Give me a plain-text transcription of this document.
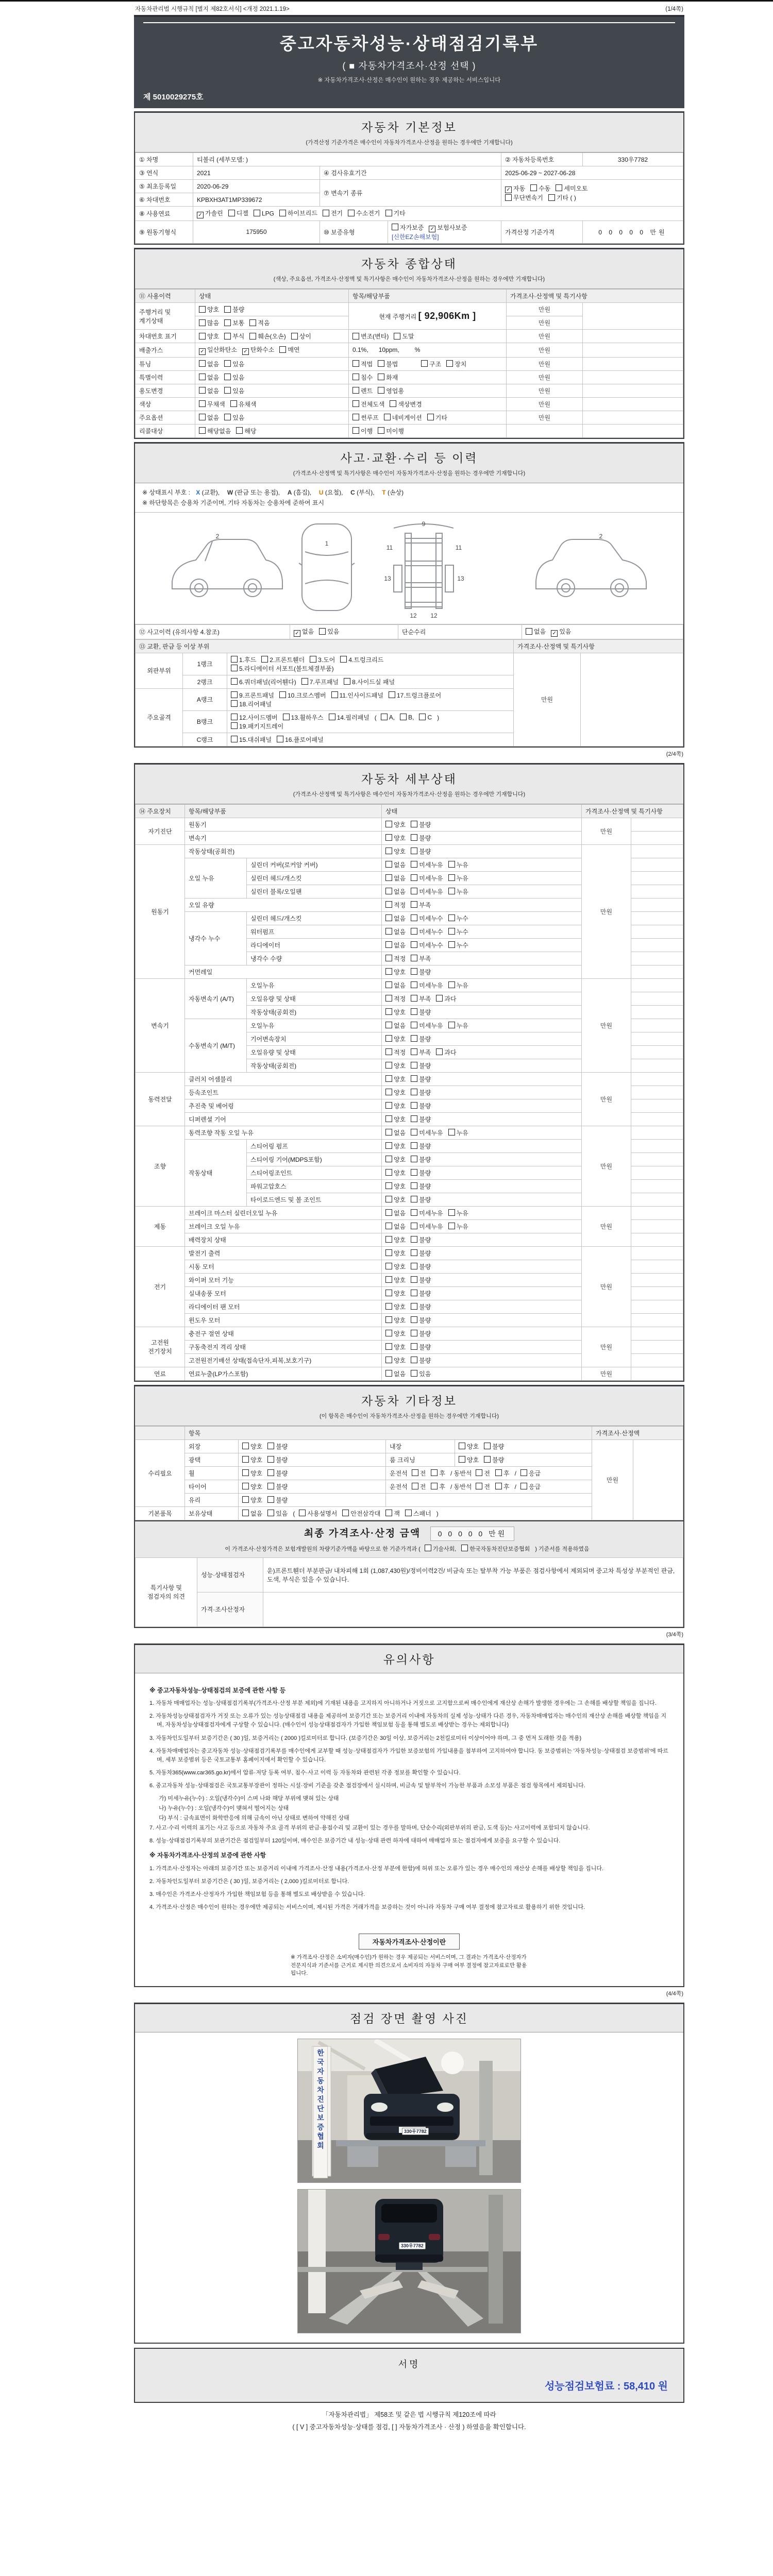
자동차관리법 시행규칙 [별지 제82호서식] <개정 2021.1.19>	(1/4쪽)
중고자동차성능·상태점검기록부
( ■ 자동차가격조사·산정 선택 )
※ 자동차가격조사·산정은 매수인이 원하는 경우 제공하는 서비스입니다
제 5010029275호
자동차 기본정보
(가격산정 기준가격은 매수인이 자동차가격조사·산정을 원하는 경우에만 기재합니다)
① 차명	티볼리 (세부모델: )			② 자동차등록번호	330우7782
③ 연식	2021	④ 검사유효기간		2025-06-29 ~ 2027-06-28	
⑤ 최초등록일	2020-06-29	⑦ 변속기 종류	✓자동 수동 세미오토
무단변속기 기타 ( )
⑥ 차대번호	KPBXH3AT1MP339672				
⑧ 사용연료	✓가솔린 디젤 LPG 하이브리드 전기 수소전기 기타
⑨ 원동기형식	175950	⑩ 보증유형	자가보증 ✓ 보험사보증 [신한EZ손해보험]	가격산정 기준가격	0 0 0 0 0 만원
자동차 종합상태
(색상, 주요옵션, 가격조사·산정액 및 특기사항은 매수인이 자동차가격조사·산정을 원하는 경우에만 기재합니다)
⑪ 사용이력	상태	항목/해당부품	가격조사·산정액 및 특기사항	
주행거리 및 계기상태	양호 불량	현재 주행거리 [ 92,906Km ]	만원	
	많음 보통 적음		만원	
차대번호 표기	양호 부식 훼손(오손) 상이	변조(변타) 도말	만원	
배출가스	✓일산화탄소 ✓ 탄화수소 매연	0.1%,      10ppm,         %	만원	
튜닝	없음 있음	적법 불법 구조 장치	만원	
특별이력	없음 있음	침수 화재	만원	
용도변경	없음 있음	렌트 영업용	만원	
색상	무채색 유채색	전체도색 색상변경	만원	
주요옵션	없음 있음	썬루프 네비게이션 기타	만원	
리콜대상	해당없음 해당	이행 미이행		
사고·교환·수리 등 이력
(가격조사·산정액 및 특기사항은 매수인이 자동차가격조사·산정을 원하는 경우에만 기재합니다)
※ 상태표시 부호 : X (교환),  W (판금 또는 용접),  A (흠집),  U (요철),  C (부식),  T (손상)
※ 하단항목은 승용차 기준이며, 기타 자동차는 승용차에 준하여 표시
2
1
9
11	11
12 12
13	13
2
⑫ 사고이력 (유의사항 4.참조)	✓없음 있음	단순수리	없음 ✓ 있음
⑬ 교환, 판금 등 이상 부위			가격조사·산정액 및 특기사항	
외판부위	1랭크	1.후드 2.프론트휀더 3.도어 4.트렁크리드
5.라디에이터 서포트(볼트체결부품)	만원	
	2랭크	6.쿼더패널(리어휀다) 7.루프패널 8.사이드실 패널		
주요골격	A랭크	9.프론트패널 10.크로스멤버 11.인사이드패널 17.트렁크플로어
18.리어패널		
	B랭크	12.사이드멤버 13.휠하우스 14.필러패널 ( A, B, C )
19.패키지트레이		
	C랭크	15.대쉬패널 16.플로어패널		
(2/4쪽)
자동차 세부상태
(가격조사·산정액 및 특기사항은 매수인이 자동차가격조사·산정을 원하는 경우에만 기재합니다)
⑭ 주요장치	항목/해당부품		상태	가격조사·산정액 및 특기사항	
자기진단	원동기		양호 불량	만원	
	변속기		양호 불량		
원동기	작동상태(공회전)		양호 불량	만원	
	오일 누유	실린더 커버(로커암 커버)	없음 미세누유 누유		
		실린더 헤드/개스킷	없음 미세누유 누유		
		실린더 블록/오일팬	없음 미세누유 누유		
	오일 유량		적정 부족		
	냉각수 누수	실린더 헤드/개스킷	없음 미세누수 누수		
		워터펌프	없음 미세누수 누수		
		라디에이터	없음 미세누수 누수		
		냉각수 수량	적정 부족		
	커먼레일		양호 불량		
변속기	자동변속기 (A/T)	오일누유	없음 미세누유 누유	만원	
		오일유량 및 상태	적정 부족 과다		
		작동상태(공회전)	양호 불량		
	수동변속기 (M/T)	오일누유	없음 미세누유 누유		
		기어변속장치	양호 불량		
		오일유량 및 상태	적정 부족 과다		
		작동상태(공회전)	양호 불량		
동력전달	클러치 어셈블리		양호 불량	만원	
	등속조인트		양호 불량		
	추진축 및 베어링		양호 불량		
	디퍼렌셜 기어		양호 불량		
조향	동력조향 작동 오일 누유		없음 미세누유 누유	만원	
	작동상태	스티어링 펌프	양호 불량		
		스티어링 기어(MDPS포함)	양호 불량		
		스티어링조인트	양호 불량		
		파워고압호스	양호 불량		
		타이로드엔드 및 볼 조인트	양호 불량		
제동	브레이크 마스터 실린더오일 누유		없음 미세누유 누유	만원	
	브레이크 오일 누유		없음 미세누유 누유		
	배력장치 상태		양호 불량		
전기	발전기 출력		양호 불량	만원	
	시동 모터		양호 불량		
	와이퍼 모터 기능		양호 불량		
	실내송풍 모터		양호 불량		
	라디에이터 팬 모터		양호 불량		
	윈도우 모터		양호 불량		
고전원 전기장치	충전구 절연 상태		양호 불량	만원	
	구동축전지 격리 상태		양호 불량		
	고전원전기배선 상태(접속단자,피복,보호기구)		양호 불량		
연료	연료누출(LP가스포함)		없음 있음	만원	
자동차 기타정보
(이 항목은 매수인이 자동차가격조사·산정을 원하는 경우에만 기재합니다)
	항목				가격조사·산정액	
수리필요	외장	양호 불량	내장	양호 불량	만원	
	광택	양호 불량	룸 크리닝	양호 불량		
	휠	양호 불량	운전석 전 후 / 동반석 전 후 / 응급			
	타이어	양호 불량	운전석 전 후 / 동반석 전 후 / 응급			
	유리	양호 불량				
기본품목	보유상태	없음 있음 ( 사용설명서 안전삼각대 잭 스패너 )				
최종 가격조사·산정 금액 0 0 0 0 0 만원
이 가격조사·산정가격은 보험개발원의 차량기준가액을 바탕으로 한 기준가격과 ( 기술사회, 한국자동차진단보증협회 ) 기준서를 적용하였음
특기사항 및 점검자의 의견	성능·상태점검자	운)프론트휀더 부분판금/ 내차피해 1회 (1,087,430원)/정비이력2건/ 비금속 또는 탈부착 가능 부품은 점검사항에서 제외되며 중고차 특성상 부분적인 판금, 도색, 부식은 있을 수 있습니다.
	가격·조사산정자	
(3/4쪽)
유의사항
※ 중고자동차성능·상태점검의 보증에 관한 사항 등
1. 자동차 매매업자는 성능·상태점검기록부(가격조사·산정 부분 제외)에 기재된 내용을 고지하지 아니하거나 거짓으로 고지함으로써 매수인에게 재산상 손해가 발생한 경우에는 그 손해를 배상할 책임을 집니다.
2. 자동차성능상태점검자가 거짓 또는 오류가 있는 성능상태점검 내용을 제공하여 보증기간 또는 보증거리 이내에 자동차의 실제 성능·상태가 다른 경우, 자동차매매업자는 매수인의 재산상 손해를 배상할 책임을 지며, 자동차성능상태점검자에게 구상할 수 있습니다. (매수인이 성능상태점검자가 가입한 책임보험 등을 통해 별도로 배상받는 경우는 제외합니다)
3. 자동차인도일부터 보증기간은 ( 30 )일, 보증거리는 ( 2000 )킬로미터로 합니다. (보증기간은 30일 이상, 보증거리는 2천킬로미터 이상이어야 하며, 그 중 먼저 도래한 것을 적용)
4. 자동차매매업자는 중고자동차 성능·상태점검기록부를 매수인에게 교부할 때 성능·상태점검자가 가입한 보증보험의 가입내용을 첨부하여 고지하여야 합니다. 동 보증범위는 '자동차성능·상태점검 보증범위'에 따르며, 세부 보증범위 등은 국토교통부 홈페이지에서 확인할 수 있습니다.
5. 자동차365(www.car365.go.kr)에서 압류·저당 등록 여부, 침수·사고 이력 등 자동차와 관련된 각종 정보를 확인할 수 있습니다.
6. 중고자동차 성능·상태점검은 국토교통부장관이 정하는 시설·장비 기준을 갖춘 점검장에서 실시하며, 비금속 및 탈부착이 가능한 부품과 소모성 부품은 점검 항목에서 제외됩니다.
가) 미세누유(누수) : 오일(냉각수)이 스며 나와 해당 부위에 맺혀 있는 상태
나) 누유(누수) : 오일(냉각수)이 맺혀서 떨어지는 상태
다) 부식 : 금속표면이 화학반응에 의해 금속이 아닌 상태로 변하여 약해진 상태
7. 사고·수리 이력의 표기는 사고 등으로 자동차 주요 골격 부위의 판금·용접수리 및 교환이 있는 경우를 말하며, 단순수리(외판부위의 판금, 도색 등)는 사고이력에 포함되지 않습니다.
8. 성능·상태점검기록부의 보관기간은 점검일부터 120일이며, 매수인은 보증기간 내 성능·상태 관련 하자에 대하여 매매업자 또는 점검자에게 보증을 요구할 수 있습니다.
※ 자동차가격조사·산정의 보증에 관한 사항
1. 가격조사·산정자는 아래의 보증기간 또는 보증거리 이내에 가격조사·산정 내용(가격조사·산정 부분에 한함)에 허위 또는 오류가 있는 경우 매수인의 재산상 손해를 배상할 책임을 집니다.
2. 자동차인도일부터 보증기간은 ( 30 )일, 보증거리는 ( 2,000 )킬로미터로 합니다.
3. 매수인은 가격조사·산정자가 가입한 책임보험 등을 통해 별도로 배상받을 수 있습니다.
4. 가격조사·산정은 매수인이 원하는 경우에만 제공되는 서비스이며, 제시된 가격은 거래가격을 보증하는 것이 아니라 자동차 구매 여부 결정에 참고자료로 활용하기 위한 것입니다.
자동차가격조사·산정이란
※ 가격조사·산정은 소비자(매수인)가 원하는 경우 제공되는 서비스이며, 그 결과는 가격조사·산정자가 전문지식과 기준서를 근거로 제시한 의견으로서 소비자의 자동차 구매 여부 결정에 참고자료로만 활용됩니다.
(4/4쪽)
점검 장면 촬영 사진
한국자동차진단보증협회	330우7782
330우7782
서명
성능점검보험료 : 58,410 원
「자동차관리법」 제58조 및 같은 법 시행규칙 제120조에 따라
( [ V ] 중고자동차성능·상태를 점검, [ ] 자동차가격조사 · 산정 ) 하였음을 확인합니다.
